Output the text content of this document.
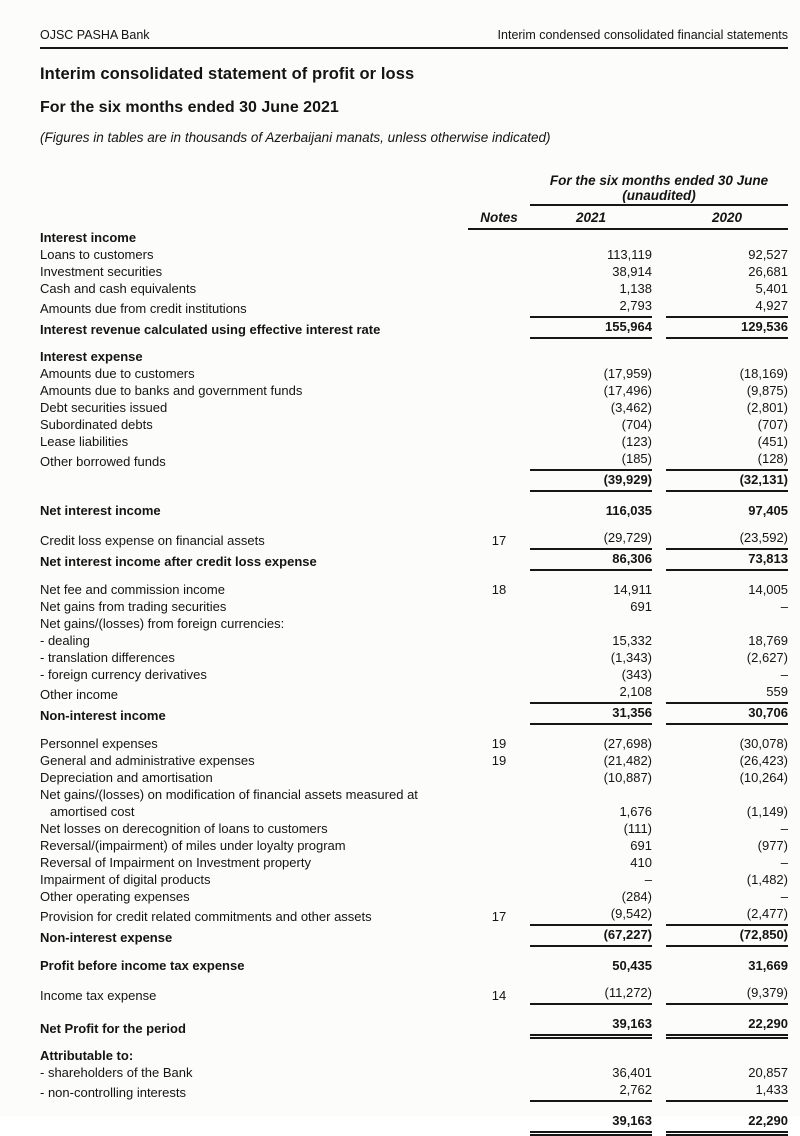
OJSC PASHA Bank	Interim condensed consolidated financial statements
Interim consolidated statement of profit or loss
For the six months ended 30 June 2021

(Figures in tables are in thousands of Azerbaijani manats, unless otherwise indicated)

		For the six months ended 30 June		
		(unaudited)		
	Notes	2021		2020
Interest income				
Loans to customers		113,119		92,527
Investment securities		38,914		26,681
Cash and cash equivalents		1,138		5,401
Amounts due from credit institutions		2,793		4,927
Interest revenue calculated using effective interest rate		155,964		129,536
Interest expense				
Amounts due to customers		(17,959)		(18,169)
Amounts due to banks and government funds		(17,496)		(9,875)
Debt securities issued		(3,462)		(2,801)
Subordinated debts		(704)		(707)
Lease liabilities		(123)		(451)
Other borrowed funds		(185)		(128)
		(39,929)		(32,131)
Net interest income		116,035		97,405
Credit loss expense on financial assets	17	(29,729)		(23,592)
Net interest income after credit loss expense		86,306		73,813
Net fee and commission income	18	14,911		14,005
Net gains from trading securities		691		–
Net gains/(losses) from foreign currencies:				
- dealing		15,332		18,769
- translation differences		(1,343)		(2,627)
- foreign currency derivatives		(343)		–
Other income		2,108		559
Non-interest income		31,356		30,706
Personnel expenses	19	(27,698)		(30,078)
General and administrative expenses	19	(21,482)		(26,423)
Depreciation and amortisation		(10,887)		(10,264)

Net gains/(losses) on modification of financial assets measured at
amortised cost		1,676		(1,149)
Net losses on derecognition of loans to customers		(111)		–
Reversal/(impairment) of miles under loyalty program		691		(977)
Reversal of Impairment on Investment property		410		–
Impairment of digital products		–		(1,482)
Other operating expenses		(284)		–
Provision for credit related commitments and other assets	17	(9,542)		(2,477)
Non-interest expense		(67,227)		(72,850)
Profit before income tax expense		50,435		31,669
Income tax expense	14	(11,272)		(9,379)
Net Profit for the period		39,163		22,290
Attributable to:				
- shareholders of the Bank		36,401		20,857
- non-controlling interests		2,762		1,433
		39,163		22,290
